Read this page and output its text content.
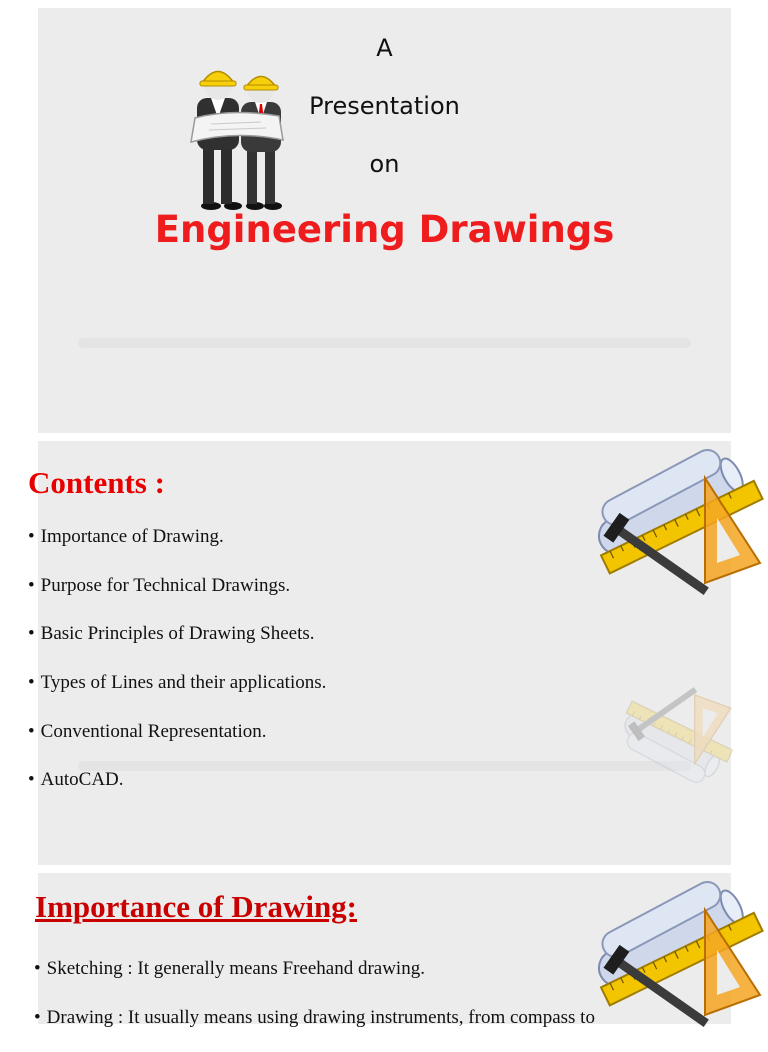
A
Presentation
on
Engineering Drawings
Contents :
• Importance of Drawing.
• Purpose for Technical Drawings.
• Basic Principles of Drawing Sheets.
• Types of Lines and their applications.
• Conventional Representation.
• AutoCAD.
Importance of Drawing:
• Sketching : It generally means Freehand drawing.
• Drawing : It usually means using drawing instruments, from compass to
